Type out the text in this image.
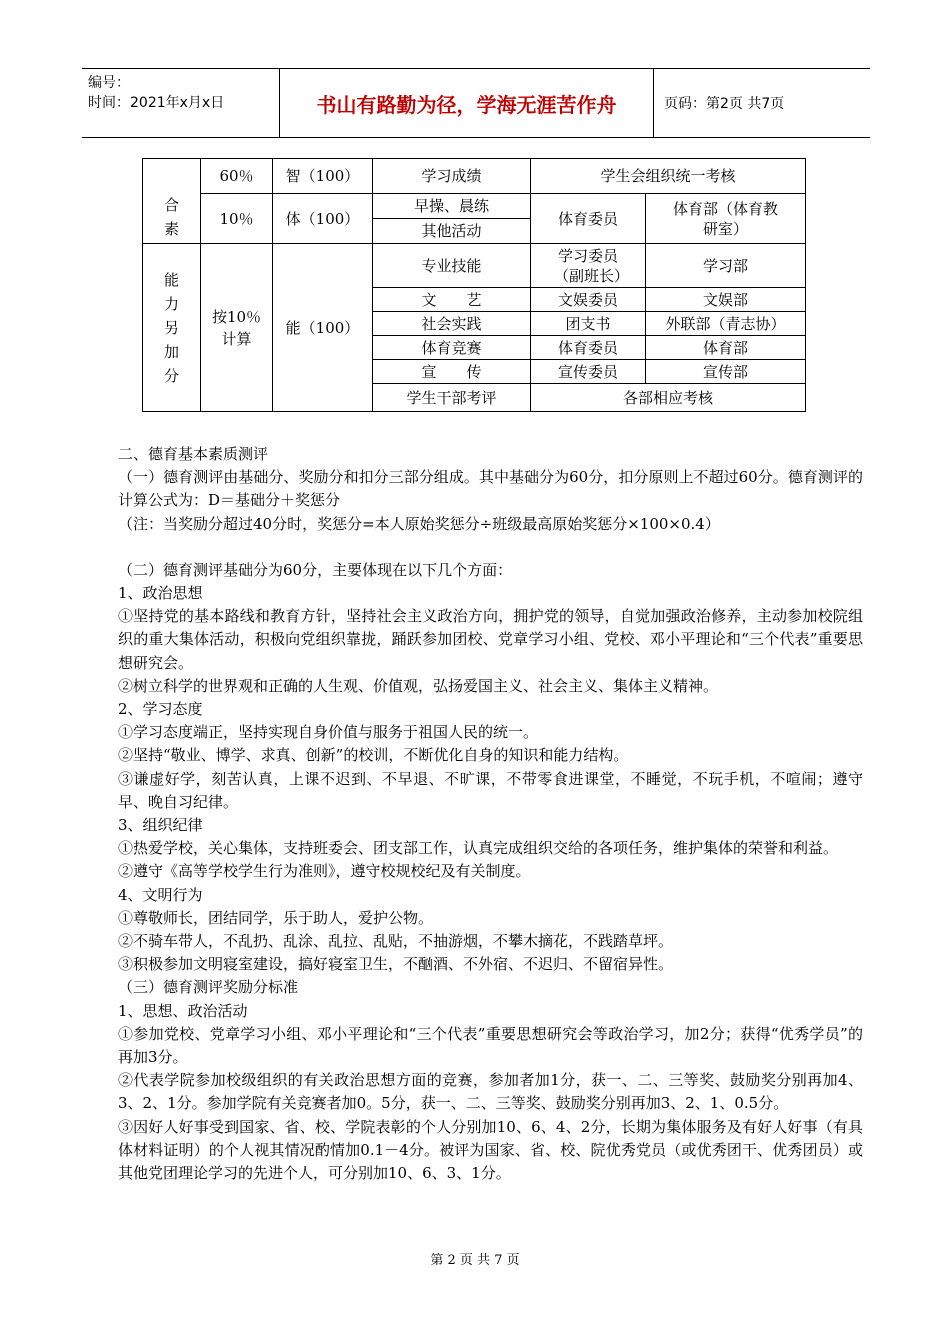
编号：
时间：2021年x月x日	书山有路勤为径，学海无涯苦作舟	页码：第2页 共7页
合素	60％	智（100）	学习成绩	学生会组织统一考核	
	10％	体（100）	早操、晨练	体育委员	体育部（体育教研室）

			其他活动		

能力另加分	按10％计算	能（100）	专业技能	学习委员（副班长）	学习部
			文　　艺	文娱委员	文娱部
			社会实践	团支书	外联部（青志协）
			体育竞赛	体育委员	体育部
			宣　　传	宣传委员	宣传部
			学生干部考评	各部相应考核	

二、德育基本素质测评

（一）德育测评由基础分、奖励分和扣分三部分组成。其中基础分为60分，扣分原则上不超过60分。德育测评的计算公式为：D＝基础分＋奖惩分

（注：当奖励分超过40分时，奖惩分=本人原始奖惩分÷班级最高原始奖惩分×100×0.4）

（二）德育测评基础分为60分，主要体现在以下几个方面：

1、政治思想

①坚持党的基本路线和教育方针，坚持社会主义政治方向，拥护党的领导，自觉加强政治修养，主动参加校院组织的重大集体活动，积极向党组织靠拢，踊跃参加团校、党章学习小组、党校、邓小平理论和“三个代表”重要思想研究会。

②树立科学的世界观和正确的人生观、价值观，弘扬爱国主义、社会主义、集体主义精神。

2、学习态度

①学习态度端正，坚持实现自身价值与服务于祖国人民的统一。

②坚持“敬业、博学、求真、创新”的校训，不断优化自身的知识和能力结构。

③谦虚好学，刻苦认真，上课不迟到、不早退、不旷课，不带零食进课堂，不睡觉，不玩手机，不喧闹；遵守早、晚自习纪律。

3、组织纪律

①热爱学校，关心集体，支持班委会、团支部工作，认真完成组织交给的各项任务，维护集体的荣誉和利益。

②遵守《高等学校学生行为准则》，遵守校规校纪及有关制度。

4、文明行为

①尊敬师长，团结同学，乐于助人，爱护公物。

②不骑车带人，不乱扔、乱涂、乱拉、乱贴，不抽游烟，不攀木摘花，不践踏草坪。

③积极参加文明寝室建设，搞好寝室卫生，不酗酒、不外宿、不迟归、不留宿异性。

（三）德育测评奖励分标准

1、思想、政治活动

①参加党校、党章学习小组、邓小平理论和“三个代表”重要思想研究会等政治学习，加2分；获得“优秀学员”的再加3分。

②代表学院参加校级组织的有关政治思想方面的竞赛，参加者加1分，获一、二、三等奖、鼓励奖分别再加4、3、2、1分。参加学院有关竞赛者加0。5分，获一、二、三等奖、鼓励奖分别再加3、2、1、0.5分。

③因好人好事受到国家、省、校、学院表彰的个人分别加10、6、4、2分，长期为集体服务及有好人好事（有具体材料证明）的个人视其情况酌情加0.1－4分。被评为国家、省、校、院优秀党员（或优秀团干、优秀团员）或其他党团理论学习的先进个人，可分别加10、6、3、1分。

第 2 页 共 7 页
